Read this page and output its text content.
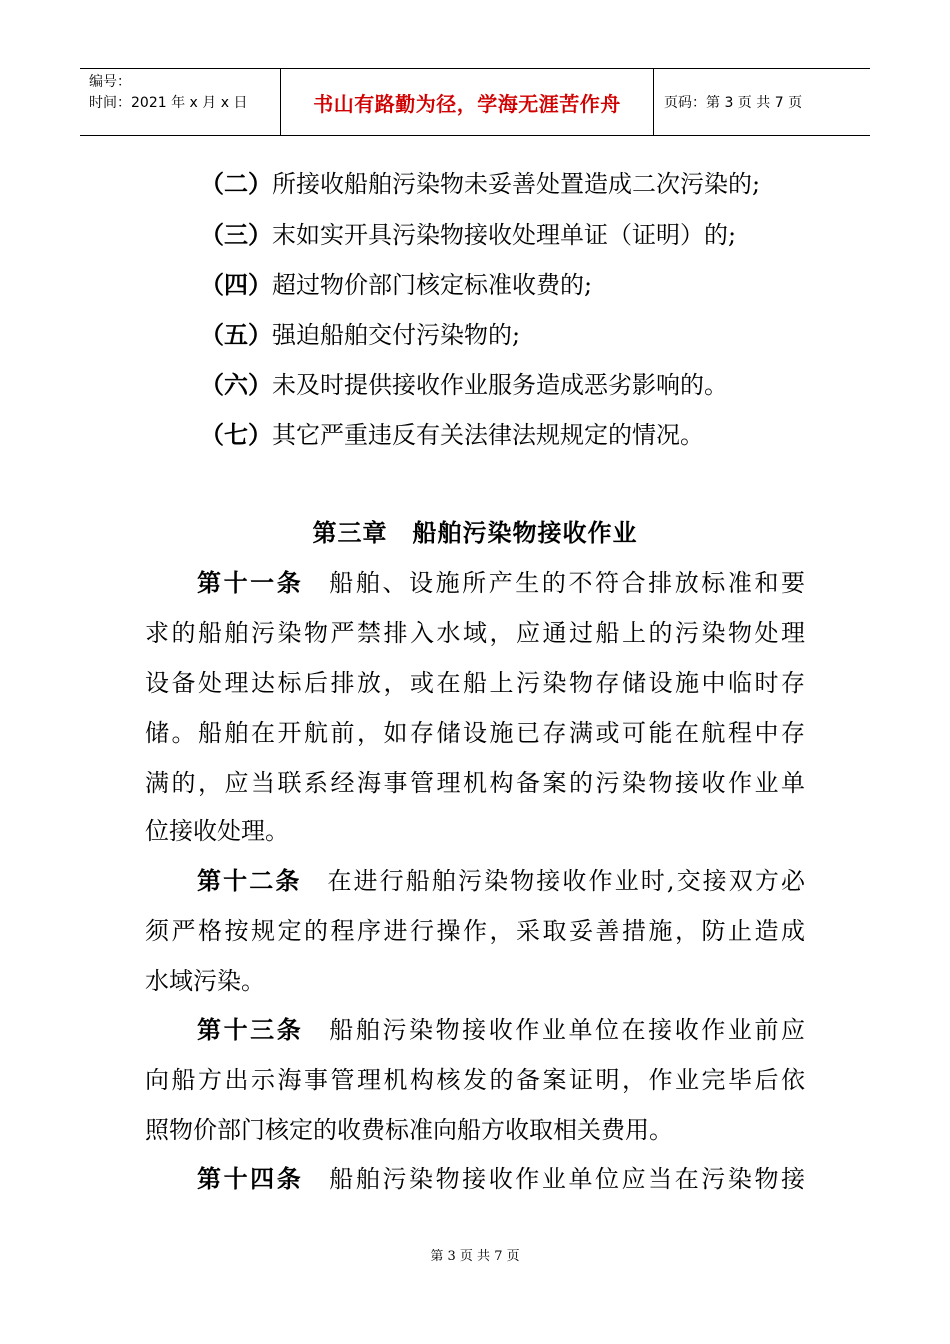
编号：
时间：2021 年 x 月 x 日	书山有路勤为径，学海无涯苦作舟	页码：第 3 页 共 7 页
（二）所接收船舶污染物未妥善处置造成二次污染的;
（三）末如实开具污染物接收处理单证（证明）的;
（四）超过物价部门核定标准收费的;
（五）强迫船舶交付污染物的;
（六）未及时提供接收作业服务造成恶劣影响的。
（七）其它严重违反有关法律法规规定的情况。
第三章　船舶污染物接收作业
第十一条 船舶、设施所产生的不符合排放标准和要
求的船舶污染物严禁排入水域，应通过船上的污染物处理
设备处理达标后排放，或在船上污染物存储设施中临时存
储。船舶在开航前，如存储设施已存满或可能在航程中存
满的，应当联系经海事管理机构备案的污染物接收作业单
位接收处理。
第十二条 在进行船舶污染物接收作业时,交接双方必
须严格按规定的程序进行操作，采取妥善措施，防止造成
水域污染。
第十三条 船舶污染物接收作业单位在接收作业前应
向船方出示海事管理机构核发的备案证明，作业完毕后依
照物价部门核定的收费标准向船方收取相关费用。
第十四条 船舶污染物接收作业单位应当在污染物接
第 3 页 共 7 页
